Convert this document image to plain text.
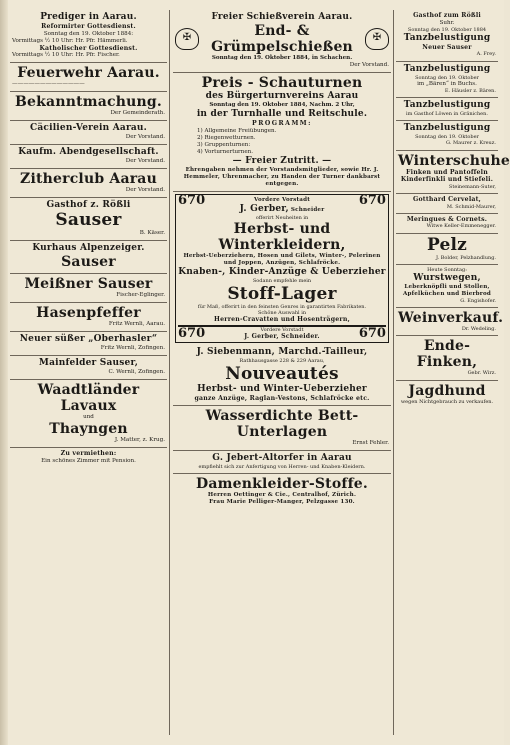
Prediger in Aarau.
Reformirter Gottesdienst.
Sonntag den 19. Oktober 1884:
Vormittags ½ 10 Uhr: Hr. Pfr. Hämmerli.
Katholischer Gottesdienst.
Vormittags ½ 10 Uhr: Hr. Pfr. Fischer.
Feuerwehr Aarau.
—————————————
Bekanntmachung.
Der Gemeinderath.
Cäcilien-Verein Aarau.
Der Vorstand.
Kaufm. Abendgesellschaft.
Der Vorstand.
Zitherclub Aarau
Der Vorstand.
Gasthof z. Rößli
Sauser
B. Käser.
Kurhaus Alpenzeiger.
Sauser
Meißner Sauser
Fischer-Eglinger.
Hasenpfeffer
Fritz Wernli, Aarau.
Neuer süßer „Oberhasler“
Fritz Wernli, Zofingen.
Mainfelder Sauser,
C. Wernli, Zofingen.
Waadtländer Lavaux
und
Thayngen
J. Matter, z. Krug.
Zu vermiethen:
Ein schönes Zimmer mit Pension.
Freier Schießverein Aarau.
✠	End- & Grümpelschießen
✠
Sonntag den 19. Oktober 1884, in Schachen.
Der Vorstand.
Preis - Schauturnen
des Bürgerturnvereins Aarau
Sonntag den 19. Oktober 1884, Nachm. 2 Uhr,
in der Turnhalle und Reitschule.
PROGRAMM:
1) Allgemeine Freiübungen.
2) Riegenwetturnen.
3) Gruppenturnen:
4) Vorturnerturnen.
— Freier Zutritt. —
Ehrengaben nehmen der Vorstandsmitglieder, sowie Hr. J. Hemmeler, Uhrenmacher, zu Handen der Turner dankbarst entgegen.
670	Vordere Vorstadt	670
J. Gerber, Schneider
offerirt Neuheiten in
Herbst- und Winterkleidern,
Herbst-Ueberziehern, Hosen und Gilets, Winter-, Pelerinen und Joppen, Anzügen, Schlafröcke.
Knaben-, Kinder-Anzüge & Ueberzieher
Sodann empfehle mein
Stoff-Lager
für Maß, offerirt in den feinsten Genres in garantirten Fabrikaten.
Schöne Auswahl in
Herren-Cravatten und Hosenträgern,
670	Vordere Vorstadt
J. Gerber, Schneider.	670
J. Siebenmann, Marchd.-Tailleur,
Rathhausgasse 228 & 229 Aarau,
Nouveautés
Herbst- und Winter-Ueberzieher
ganze Anzüge, Raglan-Vestons, Schlafröcke etc.
Wasserdichte Bett-Unterlagen
Ernst Fehler.
G. Jebert-Altorfer in Aarau
empfiehlt sich zur Anfertigung von Herren- und Knaben-Kleidern.
Damenkleider-Stoffe.
Herren Oettinger & Cie., Centralhof, Zürich.
Frau Marie Pelliger-Manger, Pelzgasse 130.
Gasthof zum Rößli
Suhr.
Sonntag den 19. Oktober 1884
Tanzbelustigung
Neuer Sauser
A. Frey.
Tanzbelustigung
Sonntag den 19. Oktober
im „Bären“ in Buchs.
E. Häusler z. Bären.
Tanzbelustigung
im Gasthof Löwen in Gränichen.
Tanzbelustigung
Sonntag den 19. Oktober
G. Maurer z. Kreuz.
Winterschuhe
Finken und Pantoffeln
Kinderfinkli und Stiefeli.
Steinemann-Suter,
Gotthard Cervelat,
M. Schmid-Maurer,
Meringues & Cornets.
Witwe Keller-Emmenegger.
Pelz
J. Bolder, Pelzhandlung.
Heute Sonntag:
Wurstwegen,
Leberknöpfli und Stollen, Apfelküchen und Bierbrod
G. Engishofer.
Weinverkauf.
Dr. Wedeling.
Ende-Finken,
Gebr. Wirz.
Jagdhund
wegen Nichtgebrauch zu verkaufen.
